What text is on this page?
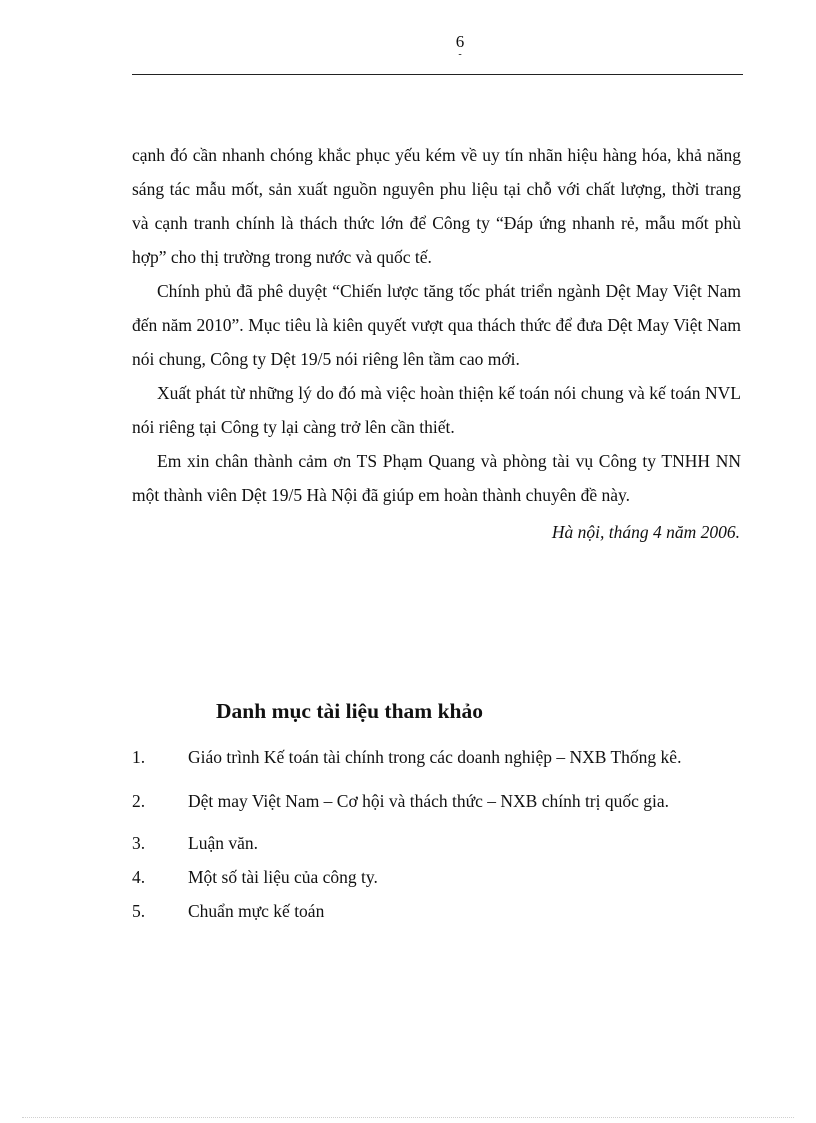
6
-

cạnh đó cần nhanh chóng khắc phục yếu kém về uy tín nhãn hiệu hàng hóa, khả năng sáng tác mẫu mốt, sản xuất nguồn nguyên phu liệu tại chỗ với chất lượng, thời trang và cạnh tranh chính là thách thức lớn để Công ty “Đáp ứng nhanh rẻ, mẫu mốt phù hợp” cho thị trường trong nước và quốc tế.

Chính phủ đã phê duyệt “Chiến lược tăng tốc phát triển ngành Dệt May Việt Nam đến năm 2010”. Mục tiêu là kiên quyết vượt qua thách thức để đưa Dệt May Việt Nam nói chung, Công ty Dệt 19/5 nói riêng lên tầm cao mới.

Xuất phát từ những lý do đó mà việc hoàn thiện kế toán nói chung và kế toán NVL nói riêng tại Công ty lại càng trở lên cần thiết.

Em xin chân thành cảm ơn TS Phạm Quang và phòng tài vụ Công ty TNHH NN một thành viên Dệt 19/5 Hà Nội đã giúp em hoàn thành chuyên đề này.

Hà nội, tháng 4 năm 2006.
Danh mục tài liệu tham khảo
1. Giáo trình Kế toán tài chính trong các doanh nghiệp – NXB Thống kê.
2. Dệt may Việt Nam – Cơ hội và thách thức – NXB chính trị quốc gia.
3. Luận văn.
4. Một số tài liệu của công ty.
5. Chuẩn mực kế toán
